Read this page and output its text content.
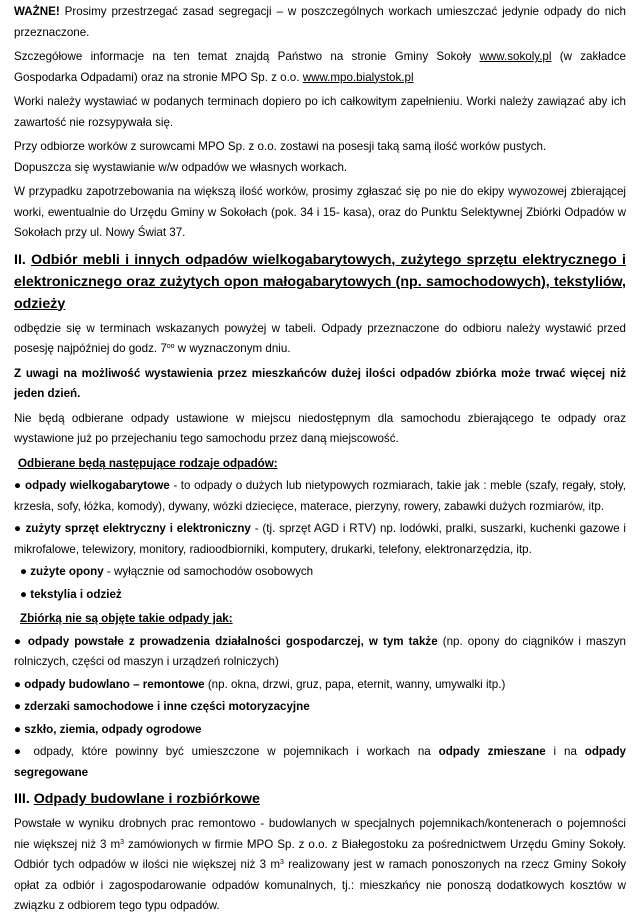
WAŻNE! Prosimy przestrzegać zasad segregacji – w poszczególnych workach umieszczać jedynie odpady do nich przeznaczone.

Szczegółowe informacje na ten temat znajdą Państwo na stronie Gminy Sokoły www.sokoly.pl (w zakładce Gospodarka Odpadami) oraz na stronie MPO Sp. z o.o. www.mpo.bialystok.pl

Worki należy wystawiać w podanych terminach dopiero po ich całkowitym zapełnieniu. Worki należy zawiązać aby ich zawartość nie rozsypywała się.

Przy odbiorze worków z surowcami MPO Sp. z o.o. zostawi na posesji taką samą ilość worków pustych.

Dopuszcza się wystawianie w/w odpadów we własnych workach.

W przypadku zapotrzebowania na większą ilość worków, prosimy zgłaszać się po nie do ekipy wywozowej zbierającej worki, ewentualnie do Urzędu Gminy w Sokołach (pok. 34 i 15- kasa), oraz do Punktu Selektywnej Zbiórki Odpadów w Sokołach przy ul. Nowy Świat 37.

II. Odbiór mebli i innych odpadów wielkogabarytowych, zużytego sprzętu elektrycznego i elektronicznego oraz zużytych opon małogabarytowych (np. samochodowych), tekstyliów, odzieży

odbędzie się w terminach wskazanych powyżej w tabeli. Odpady przeznaczone do odbioru należy wystawić przed posesję najpóźniej do godz. $7^{oo}$ w wyznaczonym dniu.

Z uwagi na możliwość wystawienia przez mieszkańców dużej ilości odpadów zbiórka może trwać więcej niż jeden dzień.

Nie będą odbierane odpady ustawione w miejscu niedostępnym dla samochodu zbierającego te odpady oraz wystawione już po przejechaniu tego samochodu przez daną miejscowość.

Odbierane będą następujące rodzaje odpadów:

● odpady wielkogabarytowe - to odpady o dużych lub nietypowych rozmiarach, takie jak : meble (szafy, regały, stoły, krzesła, sofy, łóżka, komody), dywany, wózki dziecięce, materace, pierzyny, rowery, zabawki dużych rozmiarów, itp.

● zużyty sprzęt elektryczny i elektroniczny - (tj. sprzęt AGD i RTV) np. lodówki, pralki, suszarki, kuchenki gazowe i mikrofalowe, telewizory, monitory, radioodbiorniki, komputery, drukarki, telefony, elektronarzędzia, itp.

● zużyte opony - wyłącznie od samochodów osobowych

● tekstylia i odzież

Zbiórką nie są objęte takie odpady jak:

● odpady powstałe z prowadzenia działalności gospodarczej, w tym także (np. opony do ciągników i maszyn rolniczych, części od maszyn i urządzeń rolniczych)

● odpady budowlano – remontowe (np. okna, drzwi, gruz, papa, eternit, wanny, umywalki itp.)

● zderzaki samochodowe i inne części motoryzacyjne

● szkło, ziemia, odpady ogrodowe

● odpady, które powinny być umieszczone w pojemnikach i workach na odpady zmieszane i na odpady segregowane

III. Odpady budowlane i rozbiórkowe

Powstałe w wyniku drobnych prac remontowo - budowlanych w specjalnych pojemnikach/kontenerach o pojemności nie większej niż 3 $m^3$ zamówionych w firmie MPO Sp. z o.o. z Białegostoku za pośrednictwem Urzędu Gminy Sokoły. Odbiór tych odpadów w ilości nie większej niż 3 $m^3$ realizowany jest w ramach ponoszonych na rzecz Gminy Sokoły opłat za odbiór i zagospodarowanie odpadów komunalnych, tj.: mieszkańcy nie ponoszą dodatkowych kosztów w związku z odbiorem tego typu odpadów.
